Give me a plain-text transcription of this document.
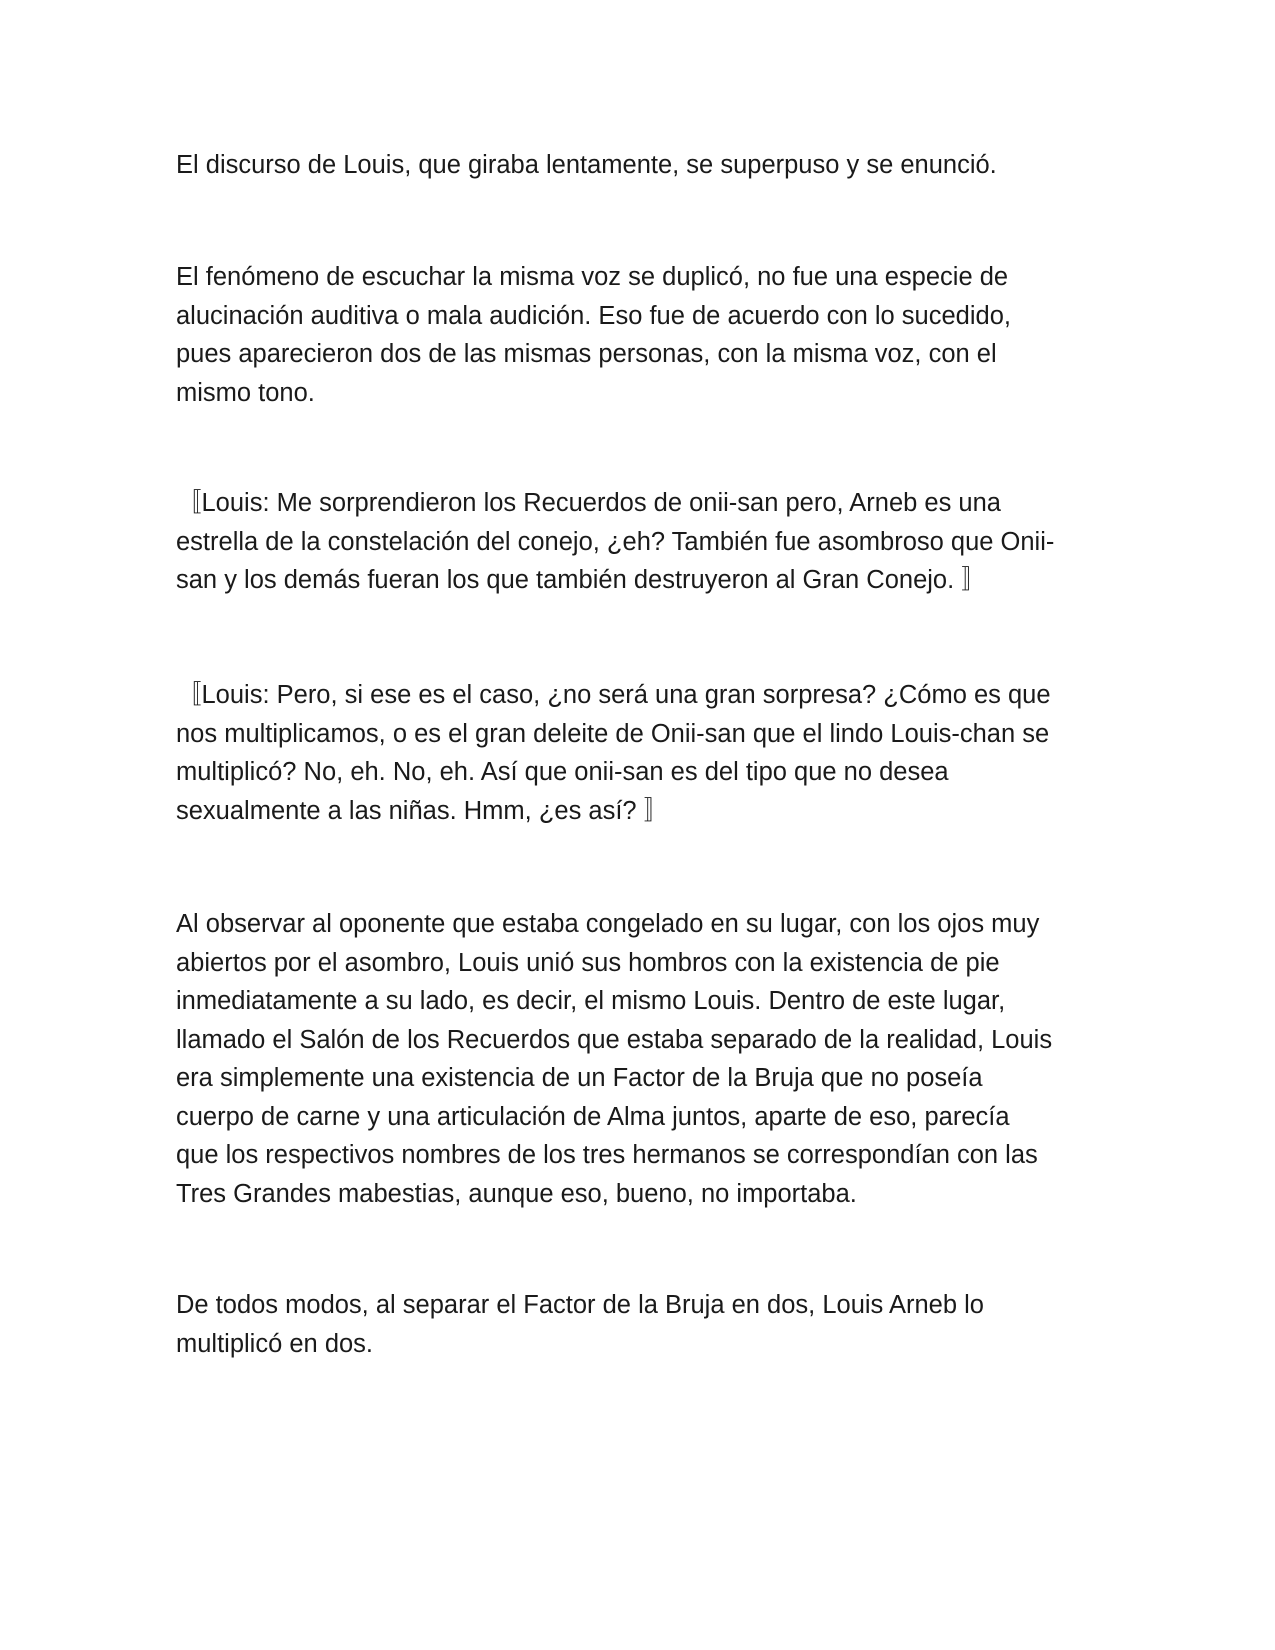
El discurso de Louis, que giraba lentamente, se superpuso y se enunció.

El fenómeno de escuchar la misma voz se duplicó, no fue una especie de
alucinación auditiva o mala audición. Eso fue de acuerdo con lo sucedido,
pues aparecieron dos de las mismas personas, con la misma voz, con el
mismo tono.

〚Louis: Me sorprendieron los Recuerdos de onii-san pero, Arneb es una
estrella de la constelación del conejo, ¿eh? También fue asombroso que Onii-
san y los demás fueran los que también destruyeron al Gran Conejo. 〛

〚Louis: Pero, si ese es el caso, ¿no será una gran sorpresa? ¿Cómo es que
nos multiplicamos, o es el gran deleite de Onii-san que el lindo Louis-chan se
multiplicó? No, eh. No, eh. Así que onii-san es del tipo que no desea
sexualmente a las niñas. Hmm, ¿es así? 〛

Al observar al oponente que estaba congelado en su lugar, con los ojos muy
abiertos por el asombro, Louis unió sus hombros con la existencia de pie
inmediatamente a su lado, es decir, el mismo Louis. Dentro de este lugar,
llamado el Salón de los Recuerdos que estaba separado de la realidad, Louis
era simplemente una existencia de un Factor de la Bruja que no poseía
cuerpo de carne y una articulación de Alma juntos, aparte de eso, parecía
que los respectivos nombres de los tres hermanos se correspondían con las
Tres Grandes mabestias, aunque eso, bueno, no importaba.

De todos modos, al separar el Factor de la Bruja en dos, Louis Arneb lo
multiplicó en dos.
